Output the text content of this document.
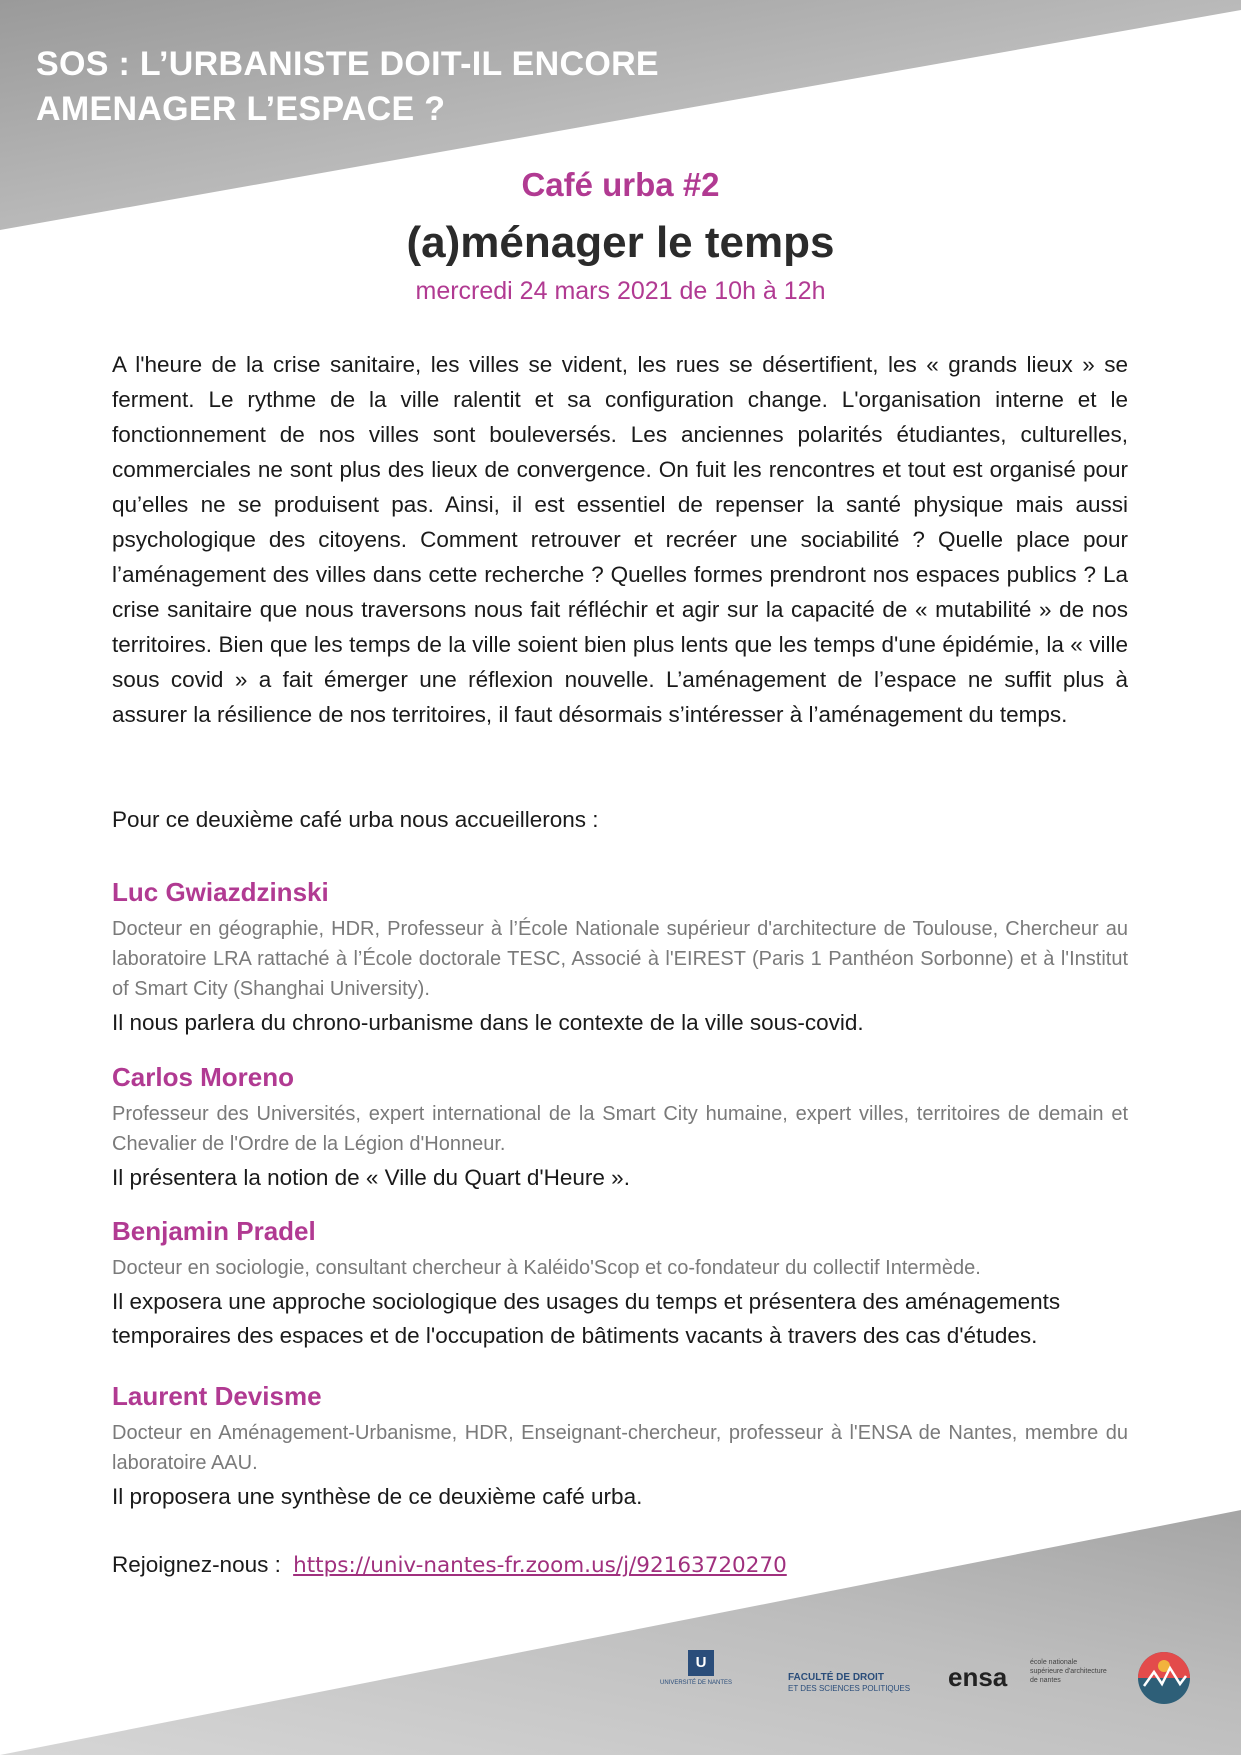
SOS : L’URBANISTE DOIT-IL ENCORE
AMENAGER L’ESPACE ?

Café urba #2

(a)ménager le temps

mercredi 24 mars 2021 de 10h à 12h

A l'heure de la crise sanitaire, les villes se vident, les rues se désertifient, les « grands lieux » se ferment. Le rythme de la ville ralentit et sa configuration change. L'organisation interne et le fonctionnement de nos villes sont bouleversés. Les anciennes polarités étudiantes, culturelles, commerciales ne sont plus des lieux de convergence. On fuit les rencontres et tout est organisé pour qu’elles ne se produisent pas. Ainsi, il est essentiel de repenser la santé physique mais aussi psychologique des citoyens. Comment retrouver et recréer une sociabilité ? Quelle place pour l’aménagement des villes dans cette recherche ? Quelles formes prendront nos espaces publics ? La crise sanitaire que nous traversons nous fait réfléchir et agir sur la capacité de « mutabilité » de nos territoires. Bien que les temps de la ville soient bien plus lents que les temps d'une épidémie, la « ville sous covid » a fait émerger une réflexion nouvelle. L’aménagement de l’espace ne suffit plus à assurer la résilience de nos territoires, il faut désormais s’intéresser à l’aménagement du temps.

Pour ce deuxième café urba nous accueillerons :

Luc Gwiazdzinski

Docteur en géographie, HDR, Professeur à l’École Nationale supérieur d'architecture de Toulouse, Chercheur au laboratoire LRA rattaché à l’École doctorale TESC, Associé à l'EIREST (Paris 1 Panthéon Sorbonne) et à l'Institut of Smart City (Shanghai University).

Il nous parlera du chrono-urbanisme dans le contexte de la ville sous-covid.

Carlos Moreno

Professeur des Universités, expert international de la Smart City humaine, expert villes, territoires de demain et Chevalier de l'Ordre de la Légion d'Honneur.

Il présentera la notion de « Ville du Quart d'Heure ».

Benjamin Pradel

Docteur en sociologie, consultant chercheur à Kaléido'Scop et co-fondateur du collectif Intermède.

Il exposera une approche sociologique des usages du temps et présentera des aménagements temporaires des espaces et de l'occupation de bâtiments vacants à travers des cas d'études.

Laurent Devisme

Docteur en Aménagement-Urbanisme, HDR, Enseignant-chercheur, professeur à l'ENSA de Nantes, membre du laboratoire AAU.

Il proposera une synthèse de ce deuxième café urba.

Rejoignez-nous : https://univ-nantes-fr.zoom.us/j/92163720270

U
UNIVERSITÉ DE NANTES	FACULTÉ DE DROIT
ET DES SCIENCES POLITIQUES ensa	école nationale supérieure d'architecture de nantes
